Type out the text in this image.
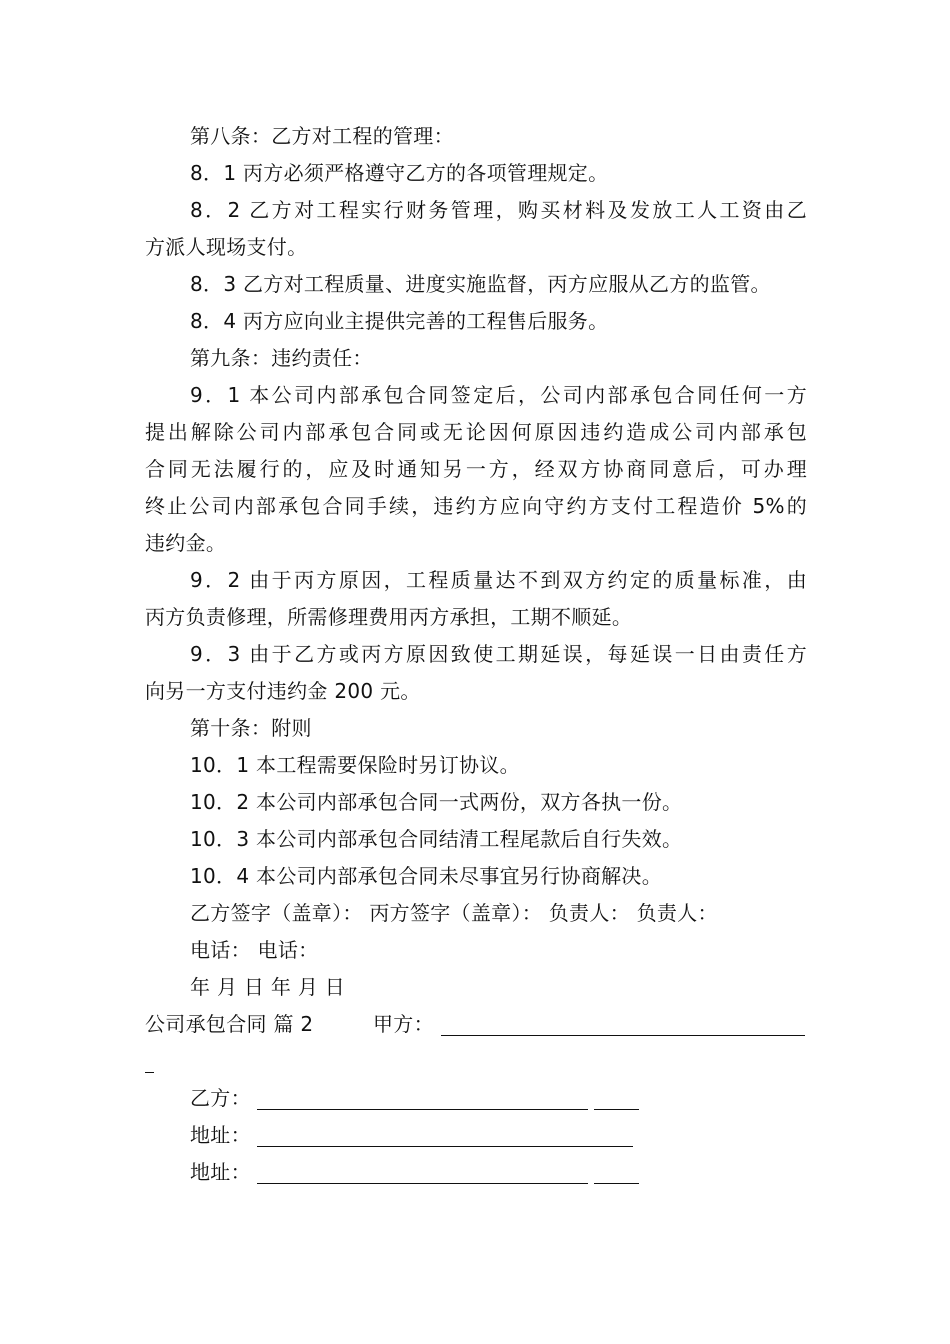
第八条：乙方对工程的管理：
8．1 丙方必须严格遵守乙方的各项管理规定。
8．2 乙方对工程实行财务管理，购买材料及发放工人工资由乙
方派人现场支付。
8．3 乙方对工程质量、进度实施监督，丙方应服从乙方的监管。
8．4 丙方应向业主提供完善的工程售后服务。
第九条：违约责任：
9．1 本公司内部承包合同签定后，公司内部承包合同任何一方
提出解除公司内部承包合同或无论因何原因违约造成公司内部承包
合同无法履行的，应及时通知另一方，经双方协商同意后，可办理
终止公司内部承包合同手续，违约方应向守约方支付工程造价 5%的
违约金。
9．2 由于丙方原因，工程质量达不到双方约定的质量标准，由
丙方负责修理，所需修理费用丙方承担，工期不顺延。
9．3 由于乙方或丙方原因致使工期延误，每延误一日由责任方
向另一方支付违约金 200 元。
第十条：附则
10．1 本工程需要保险时另订协议。
10．2 本公司内部承包合同一式两份，双方各执一份。
10．3 本公司内部承包合同结清工程尾款后自行失效。
10．4 本公司内部承包合同未尽事宜另行协商解决。
乙方签字（盖章）： 丙方签字（盖章）： 负责人： 负责人：
电话： 电话：
年 月 日 年 月 日
公司承包合同 篇 2	甲方：
乙方：
地址：
地址：
